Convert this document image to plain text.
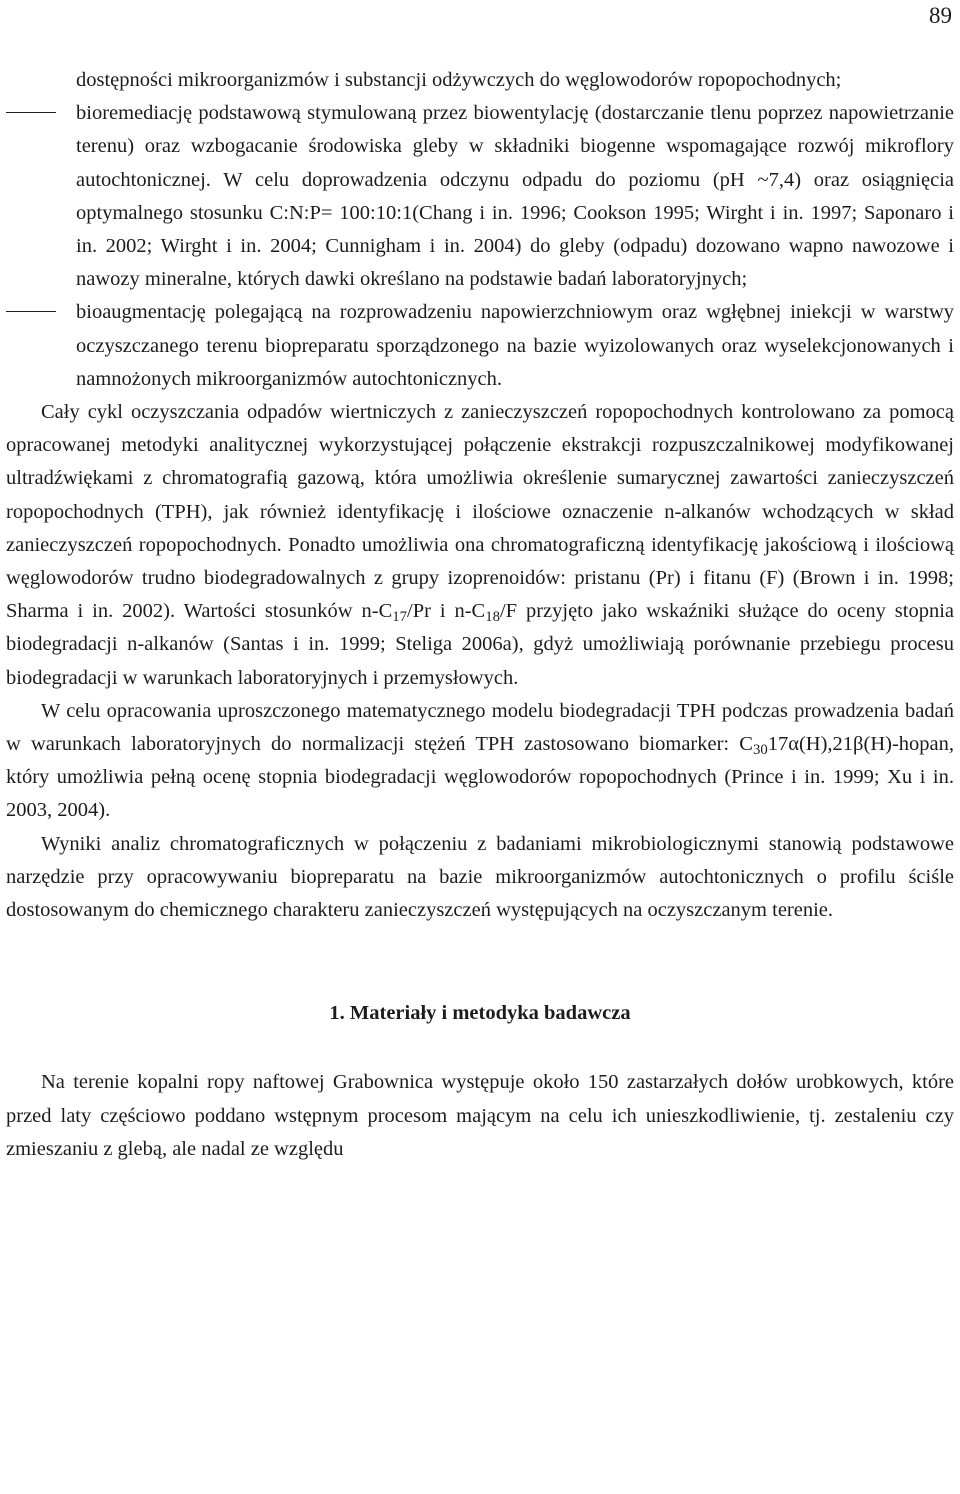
89

dostępności mikroorganizmów i substancji odżywczych do węglowodorów ropopochodnych;

bioremediację podstawową stymulowaną przez biowentylację (dostarczanie tlenu poprzez napowietrzanie terenu) oraz wzbogacanie środowiska gleby w składniki biogenne wspomagające rozwój mikroflory autochtonicznej. W celu doprowadzenia odczynu odpadu do poziomu (pH ~7,4) oraz osiągnięcia optymalnego stosunku C:N:P= 100:10:1(Chang i in. 1996; Cookson 1995; Wirght i in. 1997; Saponaro i in. 2002; Wirght i in. 2004; Cunnigham i in. 2004) do gleby (odpadu) dozowano wapno nawozowe i nawozy mineralne, których dawki określano na podstawie badań laboratoryjnych;

bioaugmentację polegającą na rozprowadzeniu napowierzchniowym oraz wgłębnej iniekcji w warstwy oczyszczanego terenu biopreparatu sporządzonego na bazie wyizolowanych oraz wyselekcjonowanych i namnożonych mikroorganizmów autochtonicznych.

Cały cykl oczyszczania odpadów wiertniczych z zanieczyszczeń ropopochodnych kontrolowano za pomocą opracowanej metodyki analitycznej wykorzystującej połączenie ekstrakcji rozpuszczalnikowej modyfikowanej ultradźwiękami z chromatografią gazową, która umożliwia określenie sumarycznej zawartości zanieczyszczeń ropopochodnych (TPH), jak również identyfikację i ilościowe oznaczenie n-alkanów wchodzących w skład zanieczyszczeń ropopochodnych. Ponadto umożliwia ona chromatograficzną identyfikację jakościową i ilościową węglowodorów trudno biodegradowalnych z grupy izoprenoidów: pristanu (Pr) i fitanu (F) (Brown i in. 1998; Sharma i in. 2002). Wartości stosunków $n-C_{17}/Pr$ i $n-C_{18}/F$ przyjęto jako wskaźniki służące do oceny stopnia biodegradacji n-alkanów (Santas i in. 1999; Steliga 2006a), gdyż umożliwiają porównanie przebiegu procesu biodegradacji w warunkach laboratoryjnych i przemysłowych.

W celu opracowania uproszczonego matematycznego modelu biodegradacji TPH podczas prowadzenia badań w warunkach laboratoryjnych do normalizacji stężeń TPH zastosowano biomarker: $C_{30}17\alpha(H),21\beta(H)$-hopan, który umożliwia pełną ocenę stopnia biodegradacji węglowodorów ropopochodnych (Prince i in. 1999; Xu i in. 2003, 2004).

Wyniki analiz chromatograficznych w połączeniu z badaniami mikrobiologicznymi stanowią podstawowe narzędzie przy opracowywaniu biopreparatu na bazie mikroorganizmów autochtonicznych o profilu ściśle dostosowanym do chemicznego charakteru zanieczyszczeń występujących na oczyszczanym terenie.

1. Materiały i metodyka badawcza

Na terenie kopalni ropy naftowej Grabownica występuje około 150 zastarzałych dołów urobkowych, które przed laty częściowo poddano wstępnym procesom mającym na celu ich unieszkodliwienie, tj. zestaleniu czy zmieszaniu z glebą, ale nadal ze względu
